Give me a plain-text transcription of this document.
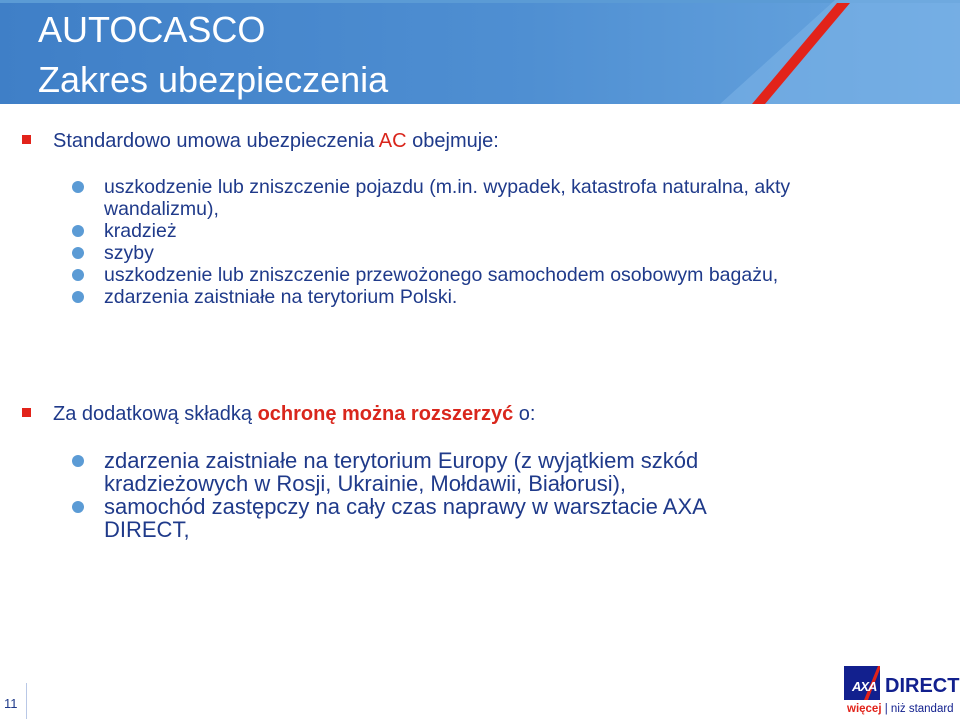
AUTOCASCO
Zakres ubezpieczenia
Standardowo umowa ubezpieczenia AC obejmuje:
uszkodzenie lub zniszczenie pojazdu (m.in. wypadek, katastrofa naturalna, akty wandalizmu),
kradzież
szyby
uszkodzenie lub zniszczenie przewożonego samochodem osobowym bagażu,
zdarzenia zaistniałe na terytorium Polski.
Za dodatkową składką ochronę można rozszerzyć o:
zdarzenia zaistniałe na terytorium Europy (z wyjątkiem szkód kradzieżowych w Rosji, Ukrainie, Mołdawii, Białorusi),
samochód zastępczy na cały czas naprawy w warsztacie AXA DIRECT,
11
AXA DIRECT
więcej | niż standard
